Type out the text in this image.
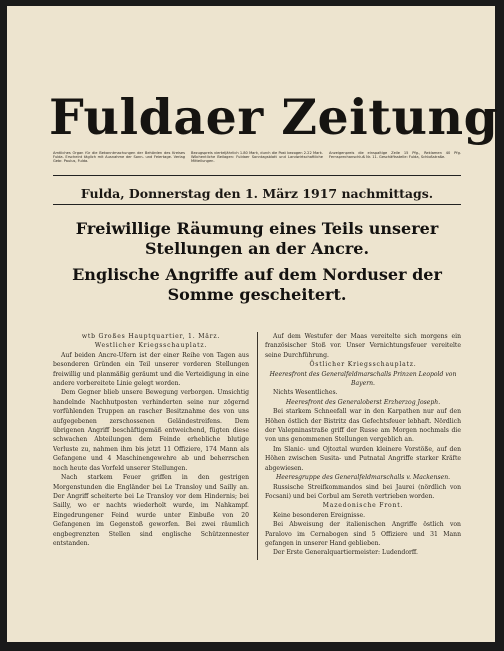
Fuldaer Zeitung
Amtliches Organ für die Bekanntmachungen der Behörden des Kreises Fulda. Erscheint täglich mit Ausnahme der Sonn- und Feiertage. Verlag Gebr. Paulus, Fulda.
Bezugspreis vierteljährlich 1.80 Mark, durch die Post bezogen 2.22 Mark. Wöchentliche Beilagen: Fuldaer Sonntagsblatt und Landwirtschaftliche Mitteilungen.
Anzeigenpreis die einspaltige Zeile 15 Pfg., Reklamen 40 Pfg. Fernsprechanschluß Nr. 11. Geschäftsstelle: Fulda, Schloßstraße.
Fulda, Donnerstag den 1. März 1917 nachmittags.
Freiwillige Räumung eines Teils unserer
Stellungen an der Ancre.
Englische Angriffe auf dem Norduser der
Somme gescheitert.

wtb Großes Hauptquartier, 1. März.

Westlicher Kriegsschauplatz.

Auf beiden Ancre-Ufern ist der einer Reihe von Tagen aus besonderen Gründen ein Teil unserer vorderen Stellungen freiwillig und planmäßig geräumt und die Verteidigung in eine andere vorbereitete Linie gelegt worden.

Dem Gegner blieb unsere Bewegung verborgen. Umsichtig handelnde Nachhutposten verhinderten seine nur zögernd vorfühlenden Truppen an rascher Besitznahme des von uns aufgegebenen zerschossenen Geländestreifens. Dem übrigenen Angriff beschäftigemäß entweichend, fügten diese schwachen Abteilungen dem Feinde erhebliche blutige Verluste zu, nahmen ihm bis jetzt 11 Offiziere, 174 Mann als Gefangene und 4 Maschinengewehre ab und beherrschen noch heute das Vorfeld unserer Stellungen.

Nach starkem Feuer griffen in den gestrigen Morgenstunden die Engländer bei Le Transloy und Sailly an. Der Angriff scheiterte bei Le Transloy vor dem Hindernis; bei Sailly, wo er nachts wiederholt wurde, im Nahkampf. Eingedrungener Feind wurde unter Einbuße von 20 Gefangenen im Gegenstoß geworfen. Bei zwei räumlich engbegrenzten Stellen sind englische Schützennester entstanden.

Auf dem Westufer der Maas vereitelte sich morgens ein französischer Stoß vor. Unser Vernichtungsfeuer vereitelte seine Durchführung.

Östlicher Kriegsschauplatz.

Heeresfront des Generalfeldmarschalls Prinzen Leopold von Bayern.

Nichts Wesentliches.

Heeresfront des Generaloberst Erzherzog Joseph.

Bei starkem Schneefall war in den Karpathen nur auf den Höhen östlich der Bistritz das Gefechtsfeuer lebhaft. Nördlich der Valepninastraße griff der Russe am Morgen nochmals die von uns genommenen Stellungen vergeblich an.

Im Slanic- und Ojtoztal wurden kleinere Vorstöße, auf den Höhen zwischen Susita- und Putnatal Angriffe starker Kräfte abgewiesen.

Heeresgruppe des Generalfeldmarschalls v. Mackensen.

Russische Streifkommandos sind bei Jaurei (nördlich von Focsani) und bei Corbul am Sereth vertrieben worden.

Mazedonische Front.

Keine besonderen Ereignisse.

Bei Abweisung der italienischen Angriffe östlich von Paralovo im Cernabogen sind 5 Offiziere und 31 Mann gefangen in unserer Hand geblieben.

Der Erste Generalquartiermeister: Ludendorff.
